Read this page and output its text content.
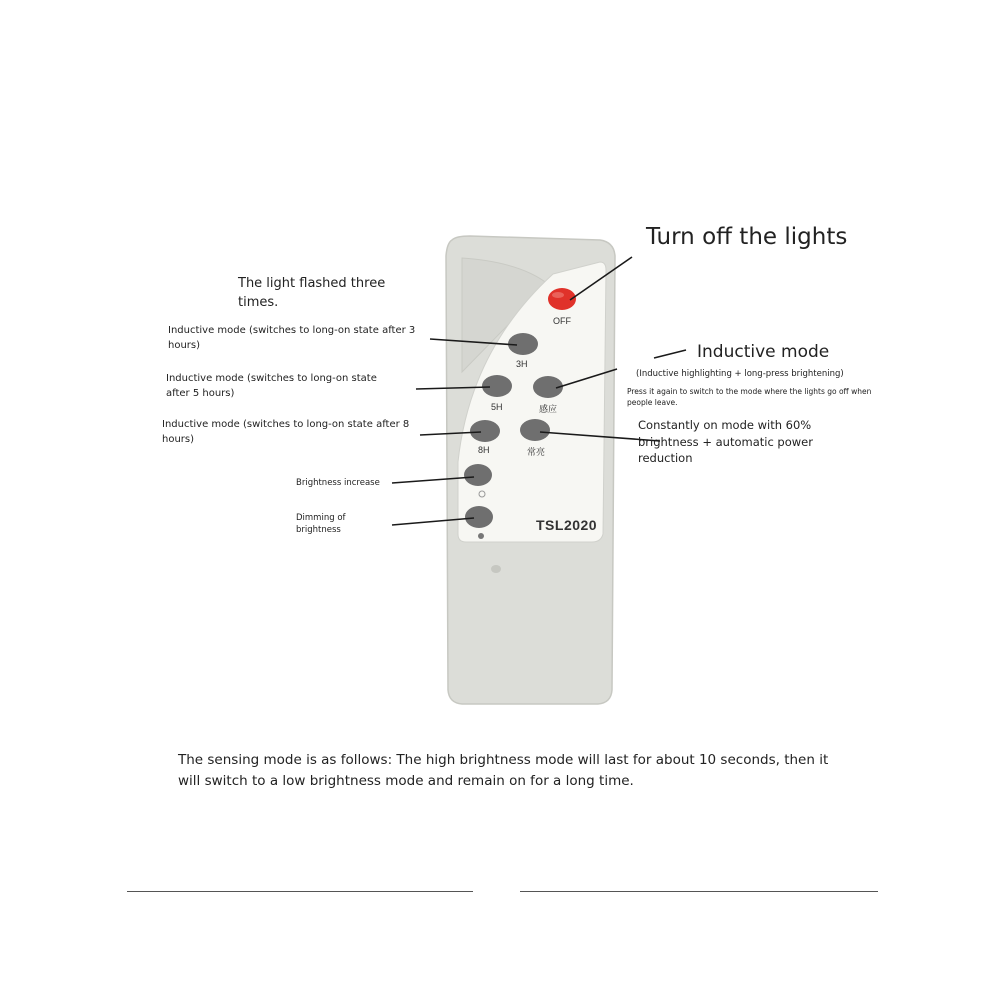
OFF
3H
5H	感应
8H	常亮
TSL2020
Turn off the lights
The light flashed three times.
Inductive mode (switches to long-on state after 3 hours)
Inductive mode (switches to long-on state after 5 hours)
Inductive mode (switches to long-on state after 8 hours)
Brightness increase
Dimming of brightness
Inductive mode
(Inductive highlighting + long-press brightening)
Press it again to switch to the mode where the lights go off when people leave.
Constantly on mode with 60% brightness + automatic power reduction
The sensing mode is as follows: The high brightness mode will last for about 10 seconds, then it will switch to a low brightness mode and remain on for a long time.
